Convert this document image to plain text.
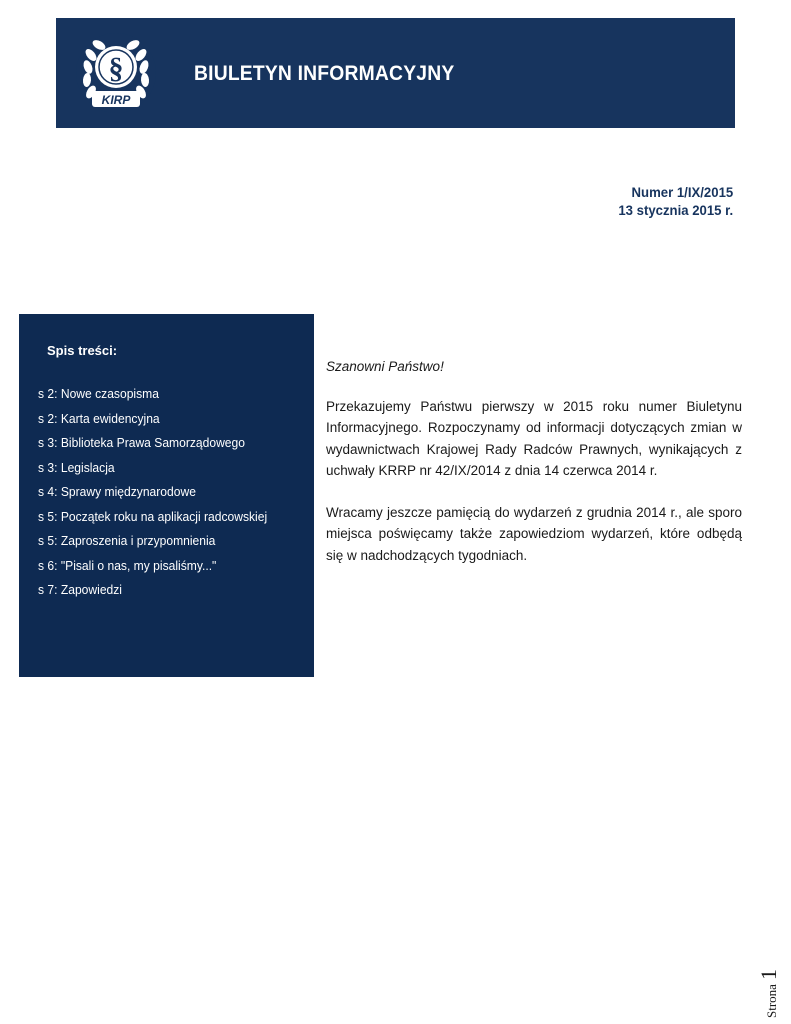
§
KIRP
BIULETYN INFORMACYJNY
Numer 1/IX/2015
13 stycznia 2015 r.
Spis treści:
s 2: Nowe czasopisma
s 2: Karta ewidencyjna
s 3: Biblioteka Prawa Samorządowego
s 3: Legislacja
s 4: Sprawy międzynarodowe
s 5: Początek roku na aplikacji radcowskiej
s 5: Zaproszenia i przypomnienia
s 6: "Pisali o nas, my pisaliśmy..."
s 7: Zapowiedzi

Szanowni Państwo!

Przekazujemy Państwu pierwszy w 2015 roku numer Biuletynu Informacyjnego. Rozpoczynamy od informacji dotyczących zmian w wydawnictwach Krajowej Rady Radców Prawnych, wynikających z uchwały KRRP nr 42/IX/2014 z dnia 14 czerwca 2014 r.

Wracamy jeszcze pamięcią do wydarzeń z grudnia 2014 r., ale sporo miejsca poświęcamy także zapowiedziom wydarzeń, które odbędą się w nadchodzących tygodniach.

Strona
1
